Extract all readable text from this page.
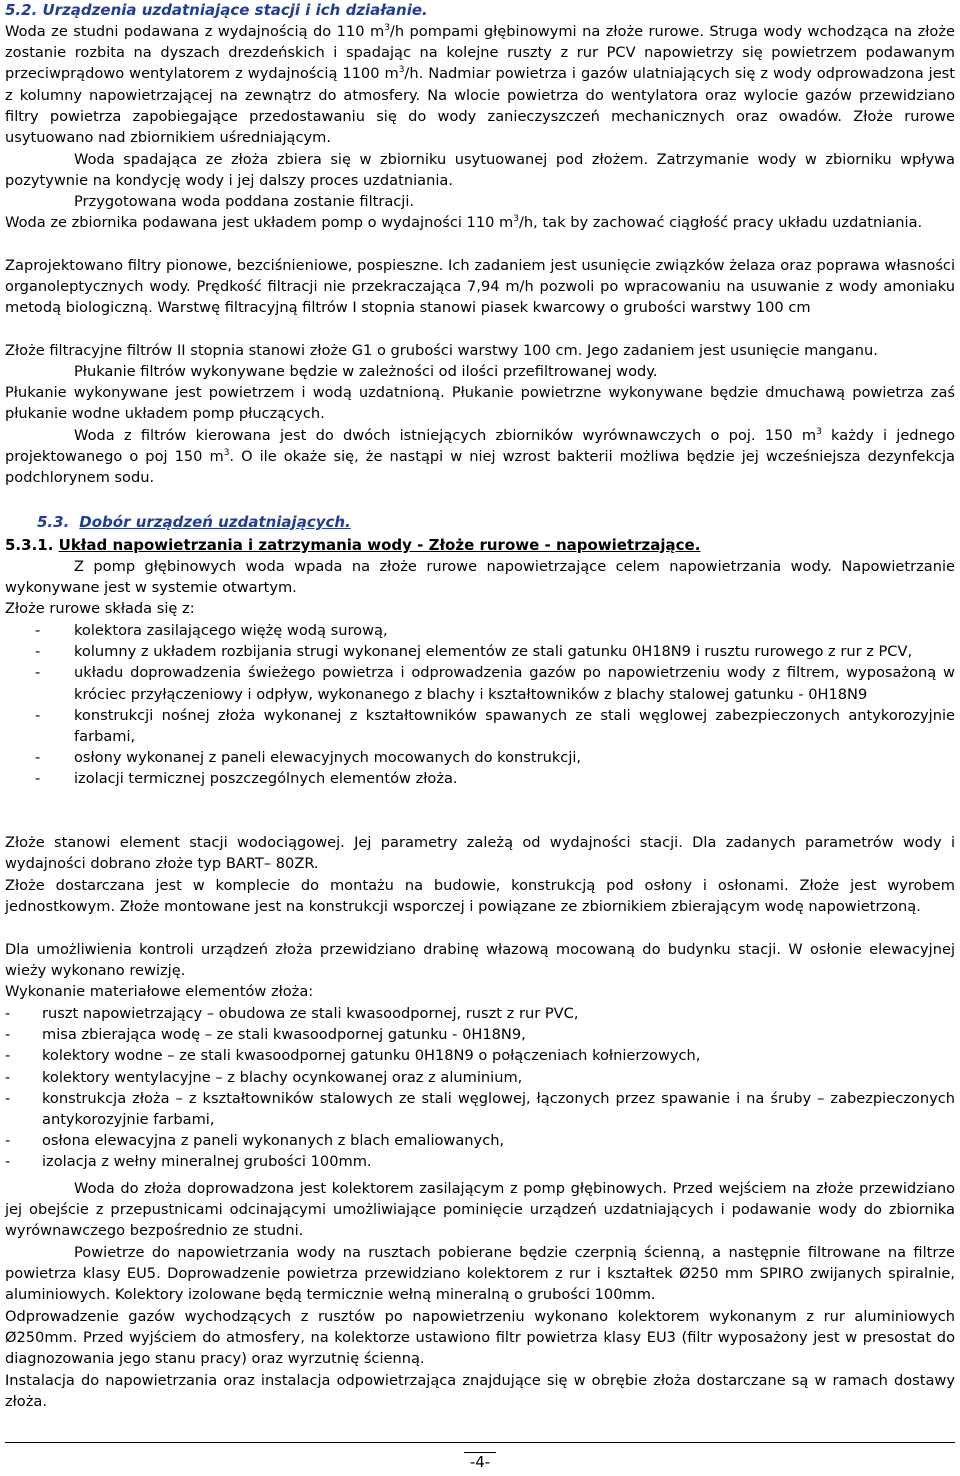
5.2. Urządzenia uzdatniające stacji i ich działanie.

Woda ze studni podawana z wydajnością do 110 $m^3/h$ pompami głębinowymi na złoże rurowe. Struga wody wchodząca na złoże zostanie rozbita na dyszach drezdeńskich i spadając na kolejne ruszty z rur PCV napowietrzy się powietrzem podawanym przeciwprądowo wentylatorem z wydajnością 1100 $m^3/h$. Nadmiar powietrza i gazów ulatniających się z wody odprowadzona jest z kolumny napowietrzającej na zewnątrz do atmosfery. Na wlocie powietrza do wentylatora oraz wylocie gazów przewidziano filtry powietrza zapobiegające przedostawaniu się do wody zanieczyszczeń mechanicznych oraz owadów. Złoże rurowe usytuowano nad zbiornikiem uśredniającym.

Woda spadająca ze złoża zbiera się w zbiorniku usytuowanej pod złożem. Zatrzymanie wody w zbiorniku wpływa pozytywnie na kondycję wody i jej dalszy proces uzdatniania.

Przygotowana woda poddana zostanie filtracji.

Woda ze zbiornika podawana jest układem pomp o wydajności 110 $m^3/h$, tak by zachować ciągłość pracy układu uzdatniania.

Zaprojektowano filtry pionowe, bezciśnieniowe, pospieszne. Ich zadaniem jest usunięcie związków żelaza oraz poprawa własności organoleptycznych wody. Prędkość filtracji nie przekraczająca 7,94 m/h pozwoli po wpracowaniu na usuwanie z wody amoniaku metodą biologiczną. Warstwę filtracyjną filtrów I stopnia stanowi piasek kwarcowy o grubości warstwy 100 cm

Złoże filtracyjne filtrów II stopnia stanowi złoże G1 o grubości warstwy 100 cm. Jego zadaniem jest usunięcie manganu.

Płukanie filtrów wykonywane będzie w zależności od ilości przefiltrowanej wody.

Płukanie wykonywane jest powietrzem i wodą uzdatnioną. Płukanie powietrzne wykonywane będzie dmuchawą powietrza zaś płukanie wodne układem pomp płuczących.

Woda z filtrów kierowana jest do dwóch istniejących zbiorników wyrównawczych o poj. 150 $m^3$ każdy i jednego projektowanego o poj 150 $m^3$. O ile okaże się, że nastąpi w niej wzrost bakterii możliwa będzie jej wcześniejsza dezynfekcja podchlorynem sodu.

5.3. Dobór urządzeń uzdatniających.
5.3.1. Układ napowietrzania i zatrzymania wody - Złoże rurowe - napowietrzające.

Z pomp głębinowych woda wpada na złoże rurowe napowietrzające celem napowietrzania wody. Napowietrzanie wykonywane jest w systemie otwartym.

Złoże rurowe składa się z:

- kolektora zasilającego więżę wodą surową,
- kolumny z układem rozbijania strugi wykonanej elementów ze stali gatunku 0H18N9 i rusztu rurowego z rur z PCV,
- układu doprowadzenia świeżego powietrza i odprowadzenia gazów po napowietrzeniu wody z filtrem, wyposażoną w króciec przyłączeniowy i odpływ, wykonanego z blachy i kształtowników z blachy stalowej gatunku - 0H18N9
- konstrukcji nośnej złoża wykonanej z kształtowników spawanych ze stali węglowej zabezpieczonych antykorozyjnie farbami,
- osłony wykonanej z paneli elewacyjnych mocowanych do konstrukcji,
- izolacji termicznej poszczególnych elementów złoża.

Złoże stanowi element stacji wodociągowej. Jej parametry zależą od wydajności stacji. Dla zadanych parametrów wody i wydajności dobrano złoże typ BART– 80ZR.

Złoże dostarczana jest w komplecie do montażu na budowie, konstrukcją pod osłony i osłonami. Złoże jest wyrobem jednostkowym. Złoże montowane jest na konstrukcji wsporczej i powiązane ze zbiornikiem zbierającym wodę napowietrzoną.

Dla umożliwienia kontroli urządzeń złoża przewidziano drabinę włazową mocowaną do budynku stacji. W osłonie elewacyjnej wieży wykonano rewizję.

Wykonanie materiałowe elementów złoża:

- ruszt napowietrzający – obudowa ze stali kwasoodpornej, ruszt z rur PVC,
- misa zbierająca wodę – ze stali kwasoodpornej gatunku - 0H18N9,
- kolektory wodne – ze stali kwasoodpornej gatunku 0H18N9 o połączeniach kołnierzowych,
- kolektory wentylacyjne – z blachy ocynkowanej oraz z aluminium,
- konstrukcja złoża – z kształtowników stalowych ze stali węglowej, łączonych przez spawanie i na śruby – zabezpieczonych antykorozyjnie farbami,
- osłona elewacyjna z paneli wykonanych z blach emaliowanych,
- izolacja z wełny mineralnej grubości 100mm.

Woda do złoża doprowadzona jest kolektorem zasilającym z pomp głębinowych. Przed wejściem na złoże przewidziano jej obejście z przepustnicami odcinającymi umożliwiające pominięcie urządzeń uzdatniających i podawanie wody do zbiornika wyrównawczego bezpośrednio ze studni.

Powietrze do napowietrzania wody na rusztach pobierane będzie czerpnią ścienną, a następnie filtrowane na filtrze powietrza klasy EU5. Doprowadzenie powietrza przewidziano kolektorem z rur i kształtek Ø250 mm SPIRO zwijanych spiralnie, aluminiowych. Kolektory izolowane będą termicznie wełną mineralną o grubości 100mm.

Odprowadzenie gazów wychodzących z rusztów po napowietrzeniu wykonano kolektorem wykonanym z rur aluminiowych Ø250mm. Przed wyjściem do atmosfery, na kolektorze ustawiono filtr powietrza klasy EU3 (filtr wyposażony jest w presostat do diagnozowania jego stanu pracy) oraz wyrzutnię ścienną.

Instalacja do napowietrzania oraz instalacja odpowietrzająca znajdujące się w obrębie złoża dostarczane są w ramach dostawy złoża.

-4-
